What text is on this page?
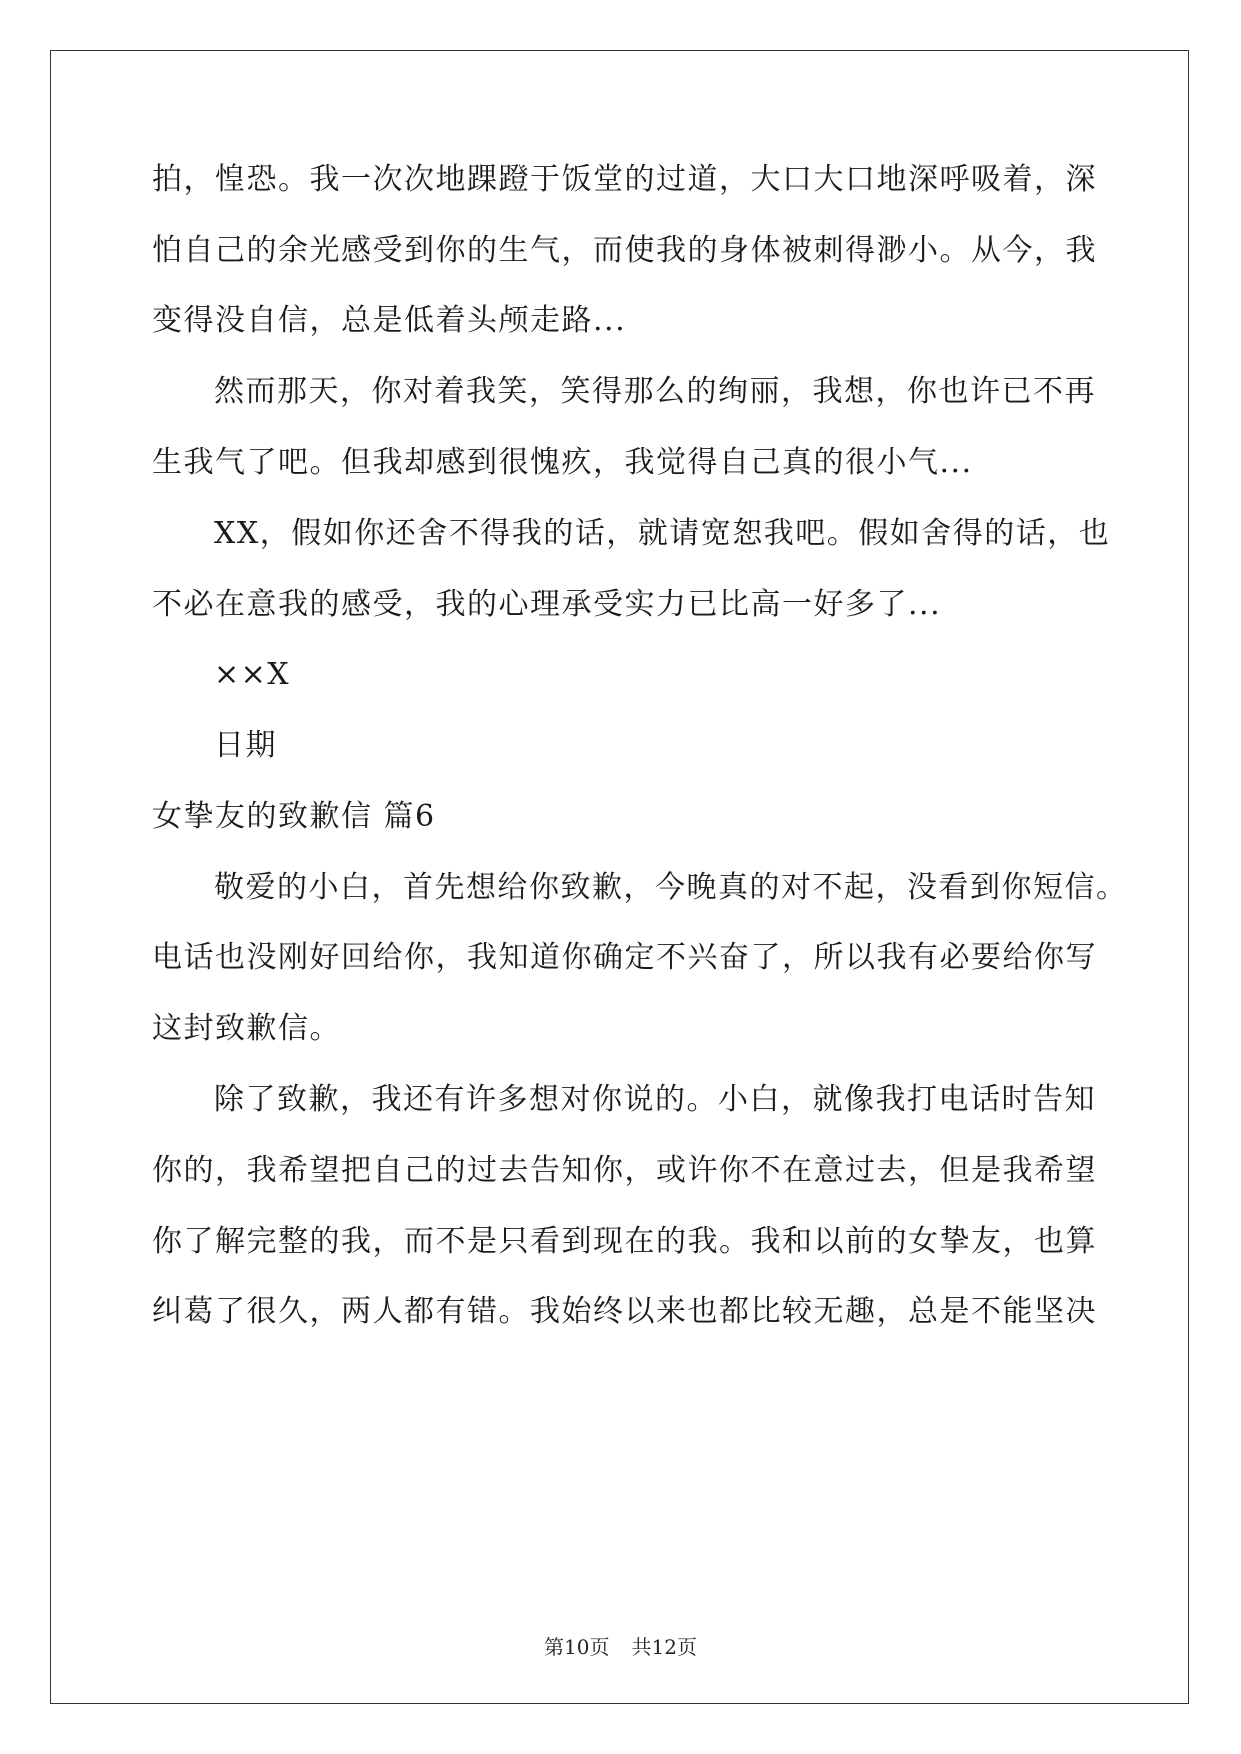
拍，惶恐。我一次次地踝蹬于饭堂的过道，大口大口地深呼吸着，深
怕自己的余光感受到你的生气，而使我的身体被刺得渺小。从今，我
变得没自信，总是低着头颅走路...
然而那天，你对着我笑，笑得那么的绚丽，我想，你也许已不再
生我气了吧。但我却感到很愧疚，我觉得自己真的很小气...
XX，假如你还舍不得我的话，就请宽恕我吧。假如舍得的话，也
不必在意我的感受，我的心理承受实力已比高一好多了...
××X
日期
女挚友的致歉信 篇6
敬爱的小白，首先想给你致歉，今晚真的对不起，没看到你短信。
电话也没刚好回给你，我知道你确定不兴奋了，所以我有必要给你写
这封致歉信。
除了致歉，我还有许多想对你说的。小白，就像我打电话时告知
你的，我希望把自己的过去告知你，或许你不在意过去，但是我希望
你了解完整的我，而不是只看到现在的我。我和以前的女挚友，也算
纠葛了很久，两人都有错。我始终以来也都比较无趣，总是不能坚决
第10页 共12页
